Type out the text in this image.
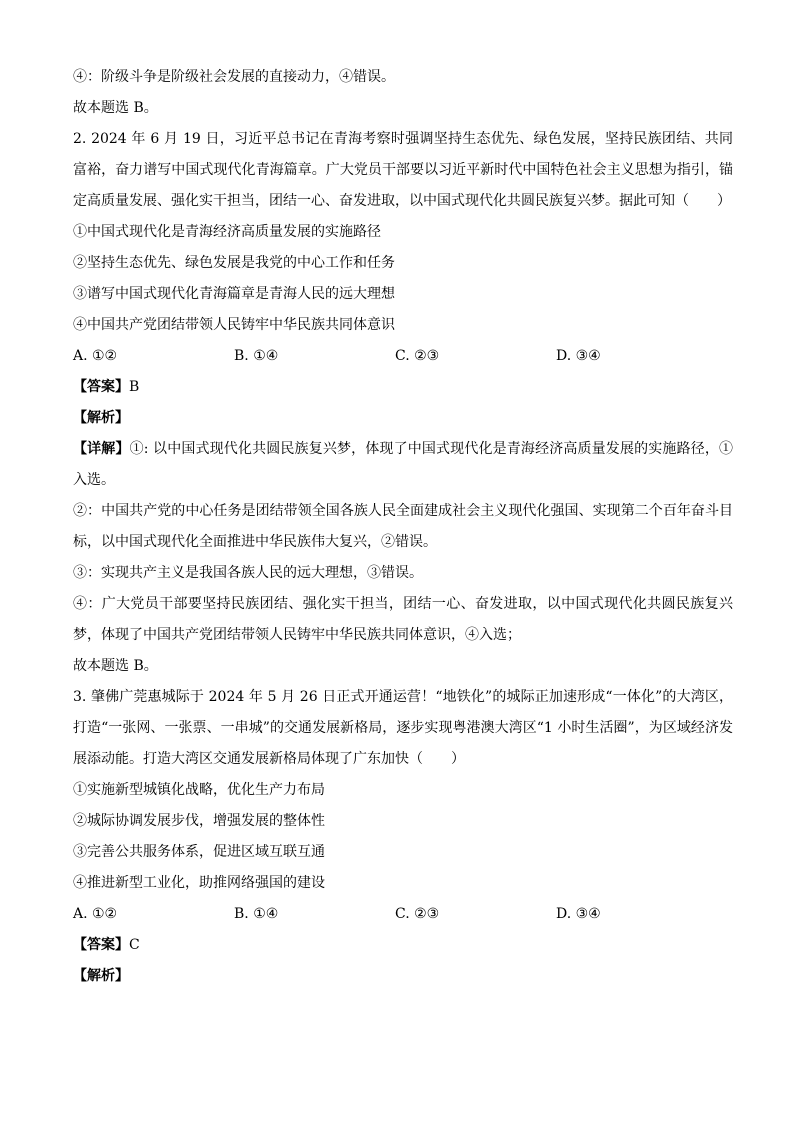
④：阶级斗争是阶级社会发展的直接动力，④错误。
故本题选 B。
2. 2024 年 6 月 19 日，习近平总书记在青海考察时强调坚持生态优先、绿色发展，坚持民族团结、共同富裕，奋力谱写中国式现代化青海篇章。广大党员干部要以习近平新时代中国特色社会主义思想为指引，锚定高质量发展、强化实干担当，团结一心、奋发进取，以中国式现代化共圆民族复兴梦。据此可知（　　）
①中国式现代化是青海经济高质量发展的实施路径
②坚持生态优先、绿色发展是我党的中心工作和任务
③谱写中国式现代化青海篇章是青海人民的远大理想
④中国共产党团结带领人民铸牢中华民族共同体意识
A. ①②	B. ①④	C. ②③	D. ③④
【答案】B
【解析】
【详解】①: 以中国式现代化共圆民族复兴梦，体现了中国式现代化是青海经济高质量发展的实施路径，①入选。
②：中国共产党的中心任务是团结带领全国各族人民全面建成社会主义现代化强国、实现第二个百年奋斗目标，以中国式现代化全面推进中华民族伟大复兴，②错误。
③：实现共产主义是我国各族人民的远大理想，③错误。
④：广大党员干部要坚持民族团结、强化实干担当，团结一心、奋发进取，以中国式现代化共圆民族复兴梦，体现了中国共产党团结带领人民铸牢中华民族共同体意识，④入选；
故本题选 B。
3. 肇佛广莞惠城际于 2024 年 5 月 26 日正式开通运营！“地铁化”的城际正加速形成“一体化”的大湾区，打造“一张网、一张票、一串城”的交通发展新格局，逐步实现粤港澳大湾区“1 小时生活圈”，为区域经济发展添动能。打造大湾区交通发展新格局体现了广东加快（　　）
①实施新型城镇化战略，优化生产力布局
②城际协调发展步伐，增强发展的整体性
③完善公共服务体系，促进区域互联互通
④推进新型工业化，助推网络强国的建设
A. ①②	B. ①④	C. ②③	D. ③④
【答案】C
【解析】
